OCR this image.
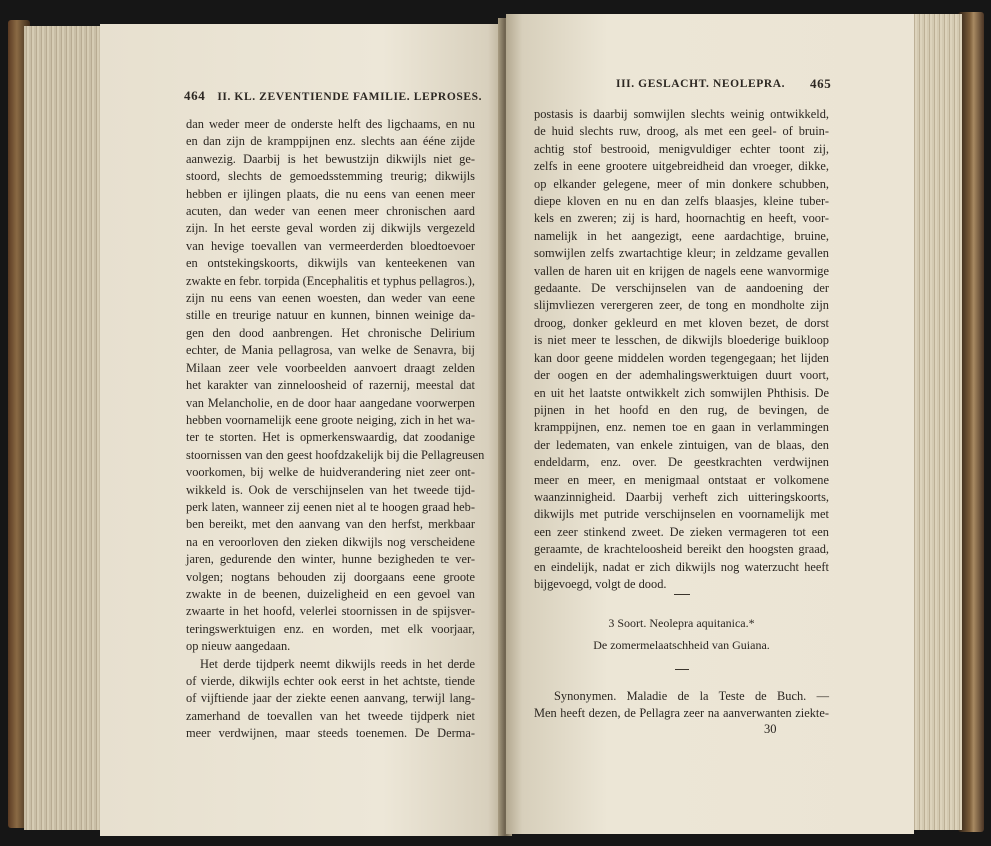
464 II. KL. ZEVENTIENDE FAMILIE. LEPROSES.
dan weder meer de onderste helft des ligchaams, en nu
en dan zijn de kramppijnen enz. slechts aan ééne zijde
aanwezig. Daarbij is het bewustzijn dikwijls niet ge-
stoord, slechts de gemoedsstemming treurig; dikwijls
hebben er ijlingen plaats, die nu eens van eenen meer
acuten, dan weder van eenen meer chronischen aard
zijn. In het eerste geval worden zij dikwijls vergezeld
van hevige toevallen van vermeerderden bloedtoevoer
en ontstekingskoorts, dikwijls van kenteekenen van
zwakte en febr. torpida (Encephalitis et typhus pellagros.),
zijn nu eens van eenen woesten, dan weder van eene
stille en treurige natuur en kunnen, binnen weinige da-
gen den dood aanbrengen. Het chronische Delirium
echter, de Mania pellagrosa, van welke de Senavra, bij
Milaan zeer vele voorbeelden aanvoert draagt zelden
het karakter van zinneloosheid of razernij, meestal dat
van Melancholie, en de door haar aangedane voorwerpen
hebben voornamelijk eene groote neiging, zich in het wa-
ter te storten. Het is opmerkenswaardig, dat zoodanige
stoornissen van den geest hoofdzakelijk bij die Pellagreusen
voorkomen, bij welke de huidverandering niet zeer ont-
wikkeld is. Ook de verschijnselen van het tweede tijd-
perk laten, wanneer zij eenen niet al te hoogen graad heb-
ben bereikt, met den aanvang van den herfst, merkbaar
na en veroorloven den zieken dikwijls nog verscheidene
jaren, gedurende den winter, hunne bezigheden te ver-
volgen; nogtans behouden zij doorgaans eene groote
zwakte in de beenen, duizeligheid en een gevoel van
zwaarte in het hoofd, velerlei stoornissen in de spijsver-
teringswerktuigen enz. en worden, met elk voorjaar,
op nieuw aangedaan.
Het derde tijdperk neemt dikwijls reeds in het derde
of vierde, dikwijls echter ook eerst in het achtste, tiende
of vijftiende jaar der ziekte eenen aanvang, terwijl lang-
zamerhand de toevallen van het tweede tijdperk niet
meer verdwijnen, maar steeds toenemen. De Derma-
III. GESLACHT. NEOLEPRA. 465
postasis is daarbij somwijlen slechts weinig ontwikkeld,
de huid slechts ruw, droog, als met een geel- of bruin-
achtig stof bestrooid, menigvuldiger echter toont zij,
zelfs in eene grootere uitgebreidheid dan vroeger, dikke,
op elkander gelegene, meer of min donkere schubben,
diepe kloven en nu en dan zelfs blaasjes, kleine tuber-
kels en zweren; zij is hard, hoornachtig en heeft, voor-
namelijk in het aangezigt, eene aardachtige, bruine,
somwijlen zelfs zwartachtige kleur; in zeldzame gevallen
vallen de haren uit en krijgen de nagels eene wanvormige
gedaante. De verschijnselen van de aandoening der
slijmvliezen verergeren zeer, de tong en mondholte zijn
droog, donker gekleurd en met kloven bezet, de dorst
is niet meer te lesschen, de dikwijls bloederige buikloop
kan door geene middelen worden tegengegaan; het lijden
der oogen en der ademhalingswerktuigen duurt voort,
en uit het laatste ontwikkelt zich somwijlen Phthisis. De
pijnen in het hoofd en den rug, de bevingen, de
kramppijnen, enz. nemen toe en gaan in verlammingen
der ledematen, van enkele zintuigen, van de blaas, den
endeldarm, enz. over. De geestkrachten verdwijnen
meer en meer, en menigmaal ontstaat er volkomene
waanzinnigheid. Daarbij verheft zich uitteringskoorts,
dikwijls met putride verschijnselen en voornamelijk met
een zeer stinkend zweet. De zieken vermageren tot een
geraamte, de krachteloosheid bereikt den hoogsten graad,
en eindelijk, nadat er zich dikwijls nog waterzucht heeft
bijgevoegd, volgt de dood.
3 Soort. Neolepra aquitanica.*
De zomermelaatschheid van Guiana.
Synonymen. Maladie de la Teste de Buch. —
Men heeft dezen, de Pellagra zeer na aanverwanten ziekte-
30
